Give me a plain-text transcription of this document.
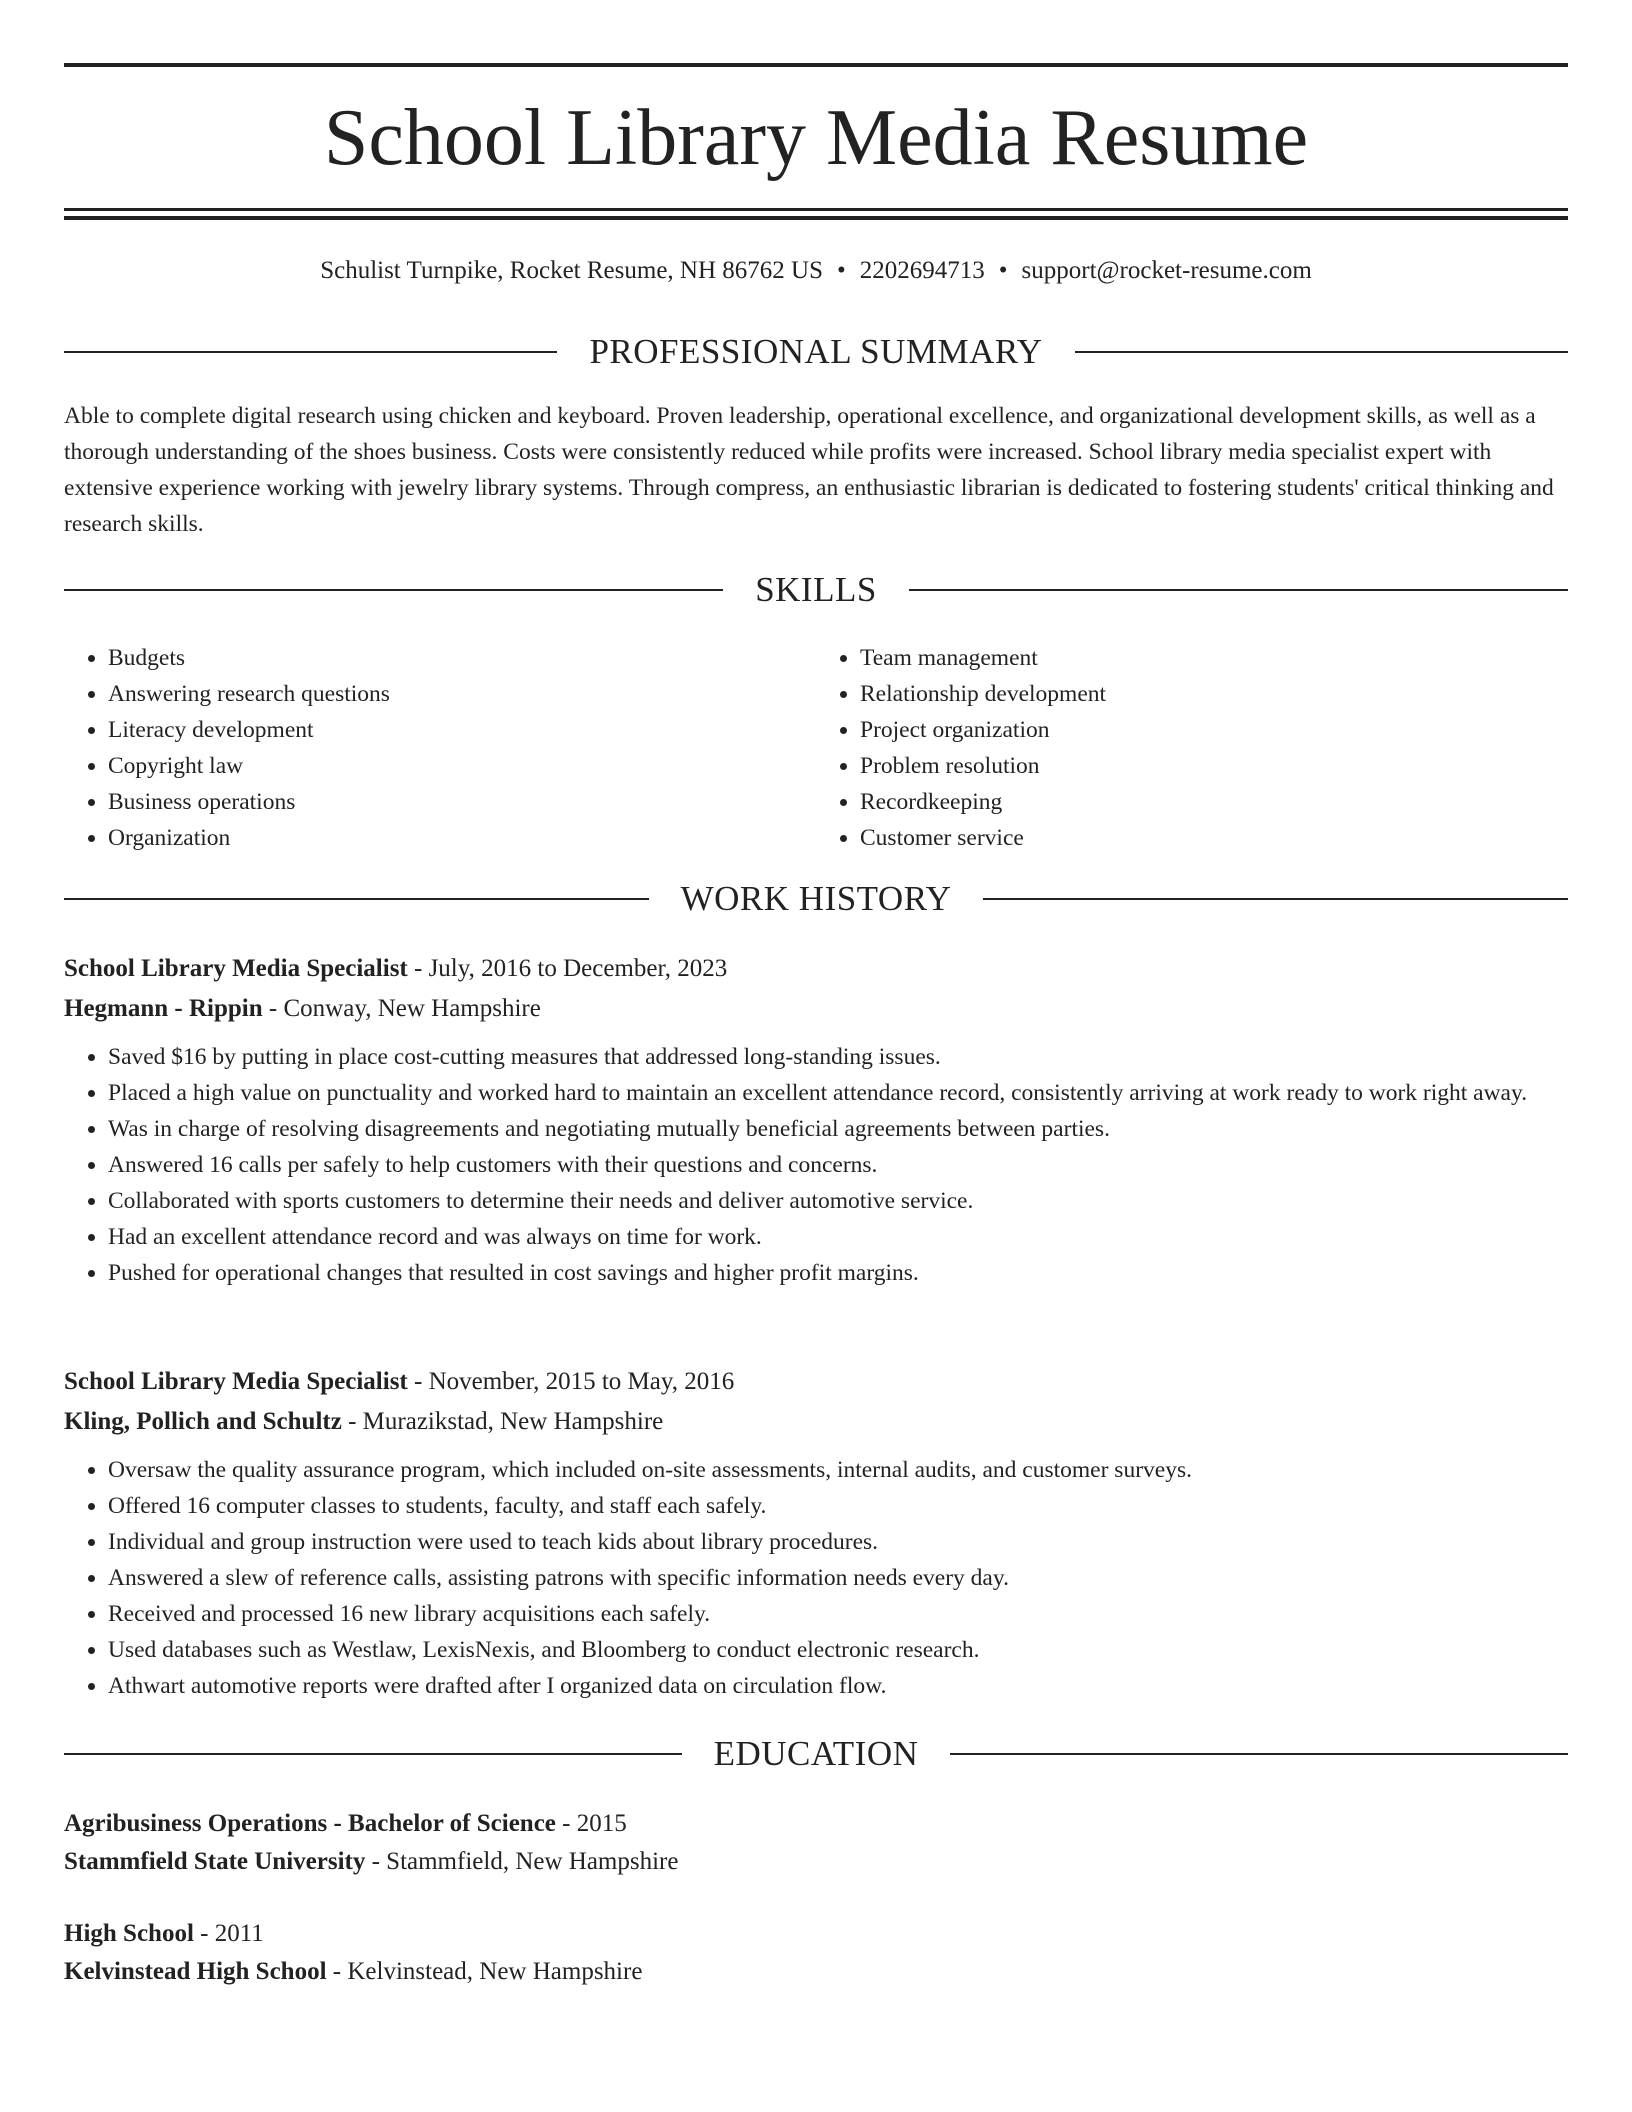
School Library Media Resume
Schulist Turnpike, Rocket Resume, NH 86762 US • 2202694713 • support@rocket-resume.com
PROFESSIONAL SUMMARY

Able to complete digital research using chicken and keyboard. Proven leadership, operational excellence, and organizational development skills, as well as a thorough understanding of the shoes business. Costs were consistently reduced while profits were increased. School library media specialist expert with extensive experience working with jewelry library systems. Through compress, an enthusiastic librarian is dedicated to fostering students' critical thinking and research skills.

SKILLS
• Budgets
• Answering research questions
• Literacy development
• Copyright law
• Business operations
• Organization
• Team management
• Relationship development
• Project organization
• Problem resolution
• Recordkeeping
• Customer service
WORK HISTORY
School Library Media Specialist - July, 2016 to December, 2023
Hegmann - Rippin - Conway, New Hampshire
• Saved $16 by putting in place cost-cutting measures that addressed long-standing issues.
• Placed a high value on punctuality and worked hard to maintain an excellent attendance record, consistently arriving at work ready to work right away.
• Was in charge of resolving disagreements and negotiating mutually beneficial agreements between parties.
• Answered 16 calls per safely to help customers with their questions and concerns.
• Collaborated with sports customers to determine their needs and deliver automotive service.
• Had an excellent attendance record and was always on time for work.
• Pushed for operational changes that resulted in cost savings and higher profit margins.
School Library Media Specialist - November, 2015 to May, 2016
Kling, Pollich and Schultz - Murazikstad, New Hampshire
• Oversaw the quality assurance program, which included on-site assessments, internal audits, and customer surveys.
• Offered 16 computer classes to students, faculty, and staff each safely.
• Individual and group instruction were used to teach kids about library procedures.
• Answered a slew of reference calls, assisting patrons with specific information needs every day.
• Received and processed 16 new library acquisitions each safely.
• Used databases such as Westlaw, LexisNexis, and Bloomberg to conduct electronic research.
• Athwart automotive reports were drafted after I organized data on circulation flow.
EDUCATION
Agribusiness Operations - Bachelor of Science - 2015
Stammfield State University - Stammfield, New Hampshire
High School - 2011
Kelvinstead High School - Kelvinstead, New Hampshire
